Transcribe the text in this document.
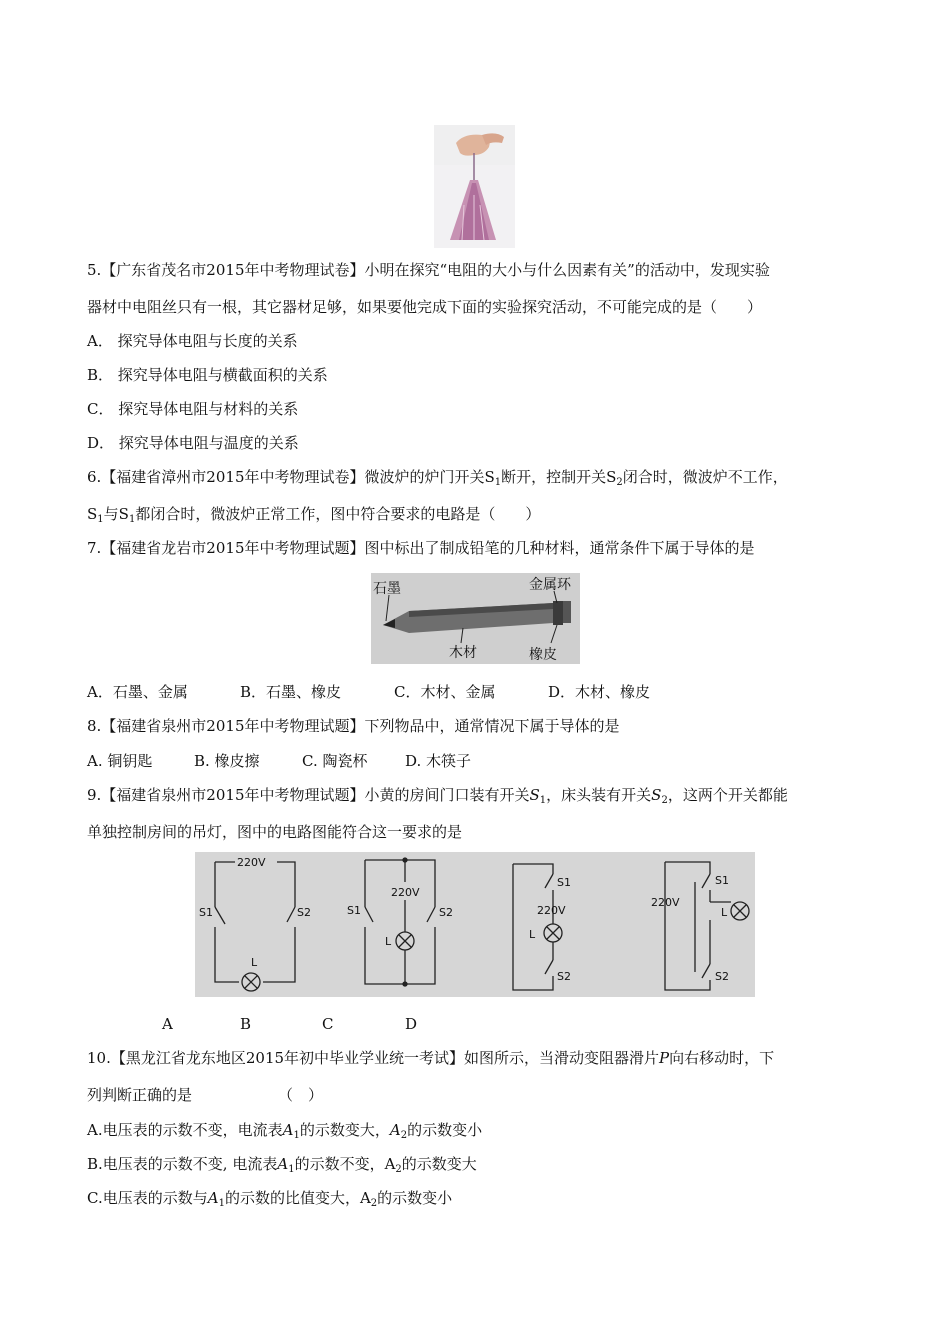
5.【广东省茂名市2015年中考物理试卷】小明在探究“电阻的大小与什么因素有关”的活动中，发现实验
器材中电阻丝只有一根，其它器材足够，如果要他完成下面的实验探究活动，不可能完成的是（　　）
A． 探究导体电阻与长度的关系
B． 探究导体电阻与横截面积的关系
C． 探究导体电阻与材料的关系
D． 探究导体电阻与温度的关系
6.【福建省漳州市2015年中考物理试卷】微波炉的炉门开关$S_1$断开，控制开关$S_2$闭合时，微波炉不工作，
$S_1$与$S_1$都闭合时，微波炉正常工作，图中符合要求的电路是（　　）
7.【福建省龙岩市2015年中考物理试题】图中标出了制成铅笔的几种材料，通常条件下属于导体的是
石墨	金属环
木材	橡皮
A．石墨、金属	B．石墨、橡皮	C．木材、金属	D．木材、橡皮
8.【福建省泉州市2015年中考物理试题】下列物品中，通常情况下属于导体的是
A. 铜钥匙	B. 橡皮擦	C. 陶瓷杯	D. 木筷子
9.【福建省泉州市2015年中考物理试题】小黄的房间门口装有开关$S_1$，床头装有开关$S_2$，这两个开关都能
单独控制房间的吊灯，图中的电路图能符合这一要求的是
220V
S1	S2
L
220V
S1	S2
L
S1
220V
L
S2
220V
S1
L
S2
A	B	C	D
10.【黑龙江省龙东地区2015年初中毕业学业统一考试】如图所示，当滑动变阻器滑片P向右移动时，下
列判断正确的是	（　）
A.电压表的示数不变，电流表$A_1$的示数变大，$A_2$的示数变小
B.电压表的示数不变, 电流表$A_1$的示数不变，$A_2$的示数变大
C.电压表的示数与$A_1$的示数的比值变大，$A_2$的示数变小
